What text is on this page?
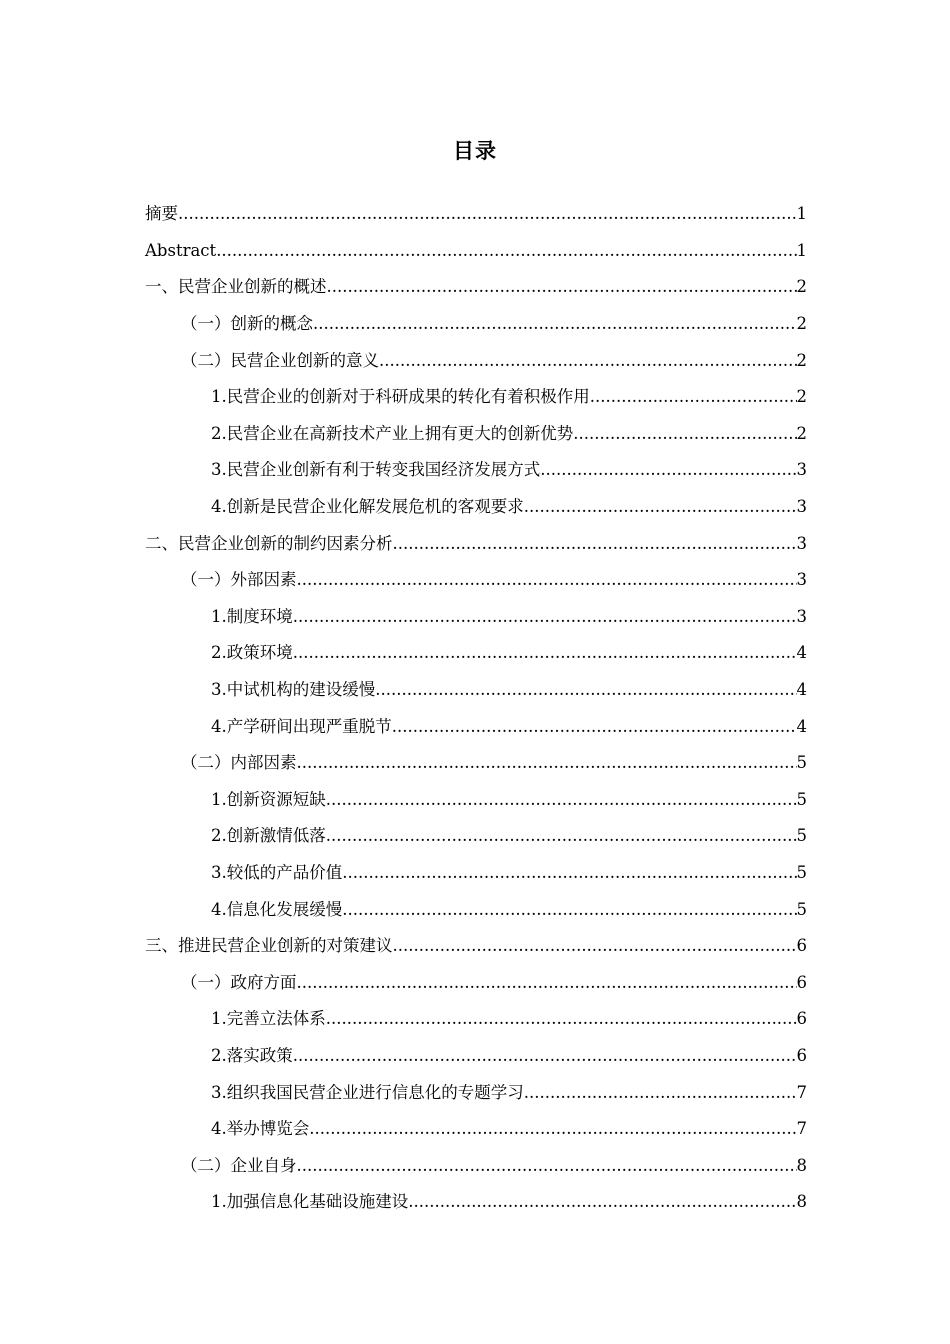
目录
摘要 .....	1
Abstract .....	1
一、民营企业创新的概述 .....	2
（一）创新的概念 .....	2
（二）民营企业创新的意义 .....	2
1.民营企业的创新对于科研成果的转化有着积极作用 .....	2
2.民营企业在高新技术产业上拥有更大的创新优势 .....	2
3.民营企业创新有利于转变我国经济发展方式 .....	3
4.创新是民营企业化解发展危机的客观要求 .....	3
二、民营企业创新的制约因素分析 .....	3
（一）外部因素 .....	3
1.制度环境 .....	3
2.政策环境 .....	4
3.中试机构的建设缓慢 .....	4
4.产学研间出现严重脱节 .....	4
（二）内部因素 .....	5
1.创新资源短缺 .....	5
2.创新激情低落 .....	5
3.较低的产品价值 .....	5
4.信息化发展缓慢 .....	5
三、推进民营企业创新的对策建议 .....	6
（一）政府方面 .....	6
1.完善立法体系 .....	6
2.落实政策 .....	6
3.组织我国民营企业进行信息化的专题学习 .....	7
4.举办博览会 .....	7
（二）企业自身 .....	8
1.加强信息化基础设施建设 .....	8
